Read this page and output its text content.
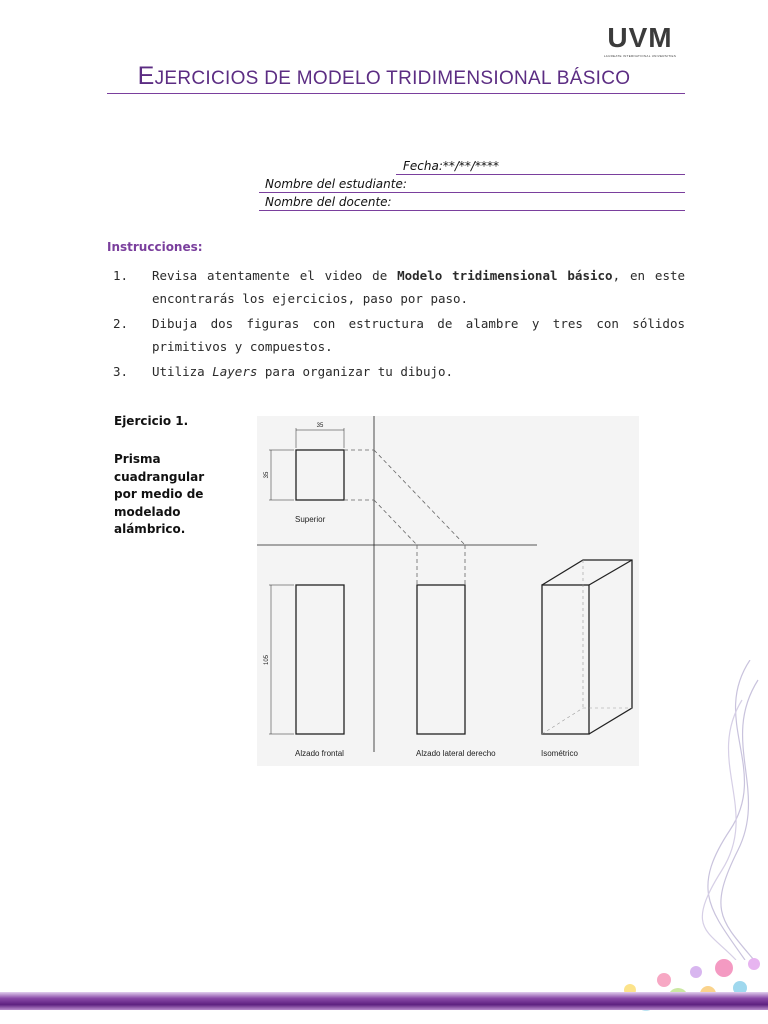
UVM
LAUREATE INTERNATIONAL UNIVERSITIES
EJERCICIOS DE MODELO TRIDIMENSIONAL BÁSICO
Fecha:**/**/****
Nombre del estudiante:
Nombre del docente:
Instrucciones:
1. Revisa atentamente el video de Modelo tridimensional básico, en este encontrarás los ejercicios, paso por paso.
2. Dibuja dos figuras con estructura de alambre y tres con sólidos primitivos y compuestos.
3. Utiliza Layers para organizar tu dibujo.
Ejercicio 1.
Prisma cuadrangular por medio de modelado alámbrico.
35
35
105
Superior
Alzado frontal	Alzado lateral derecho	Isométrico
